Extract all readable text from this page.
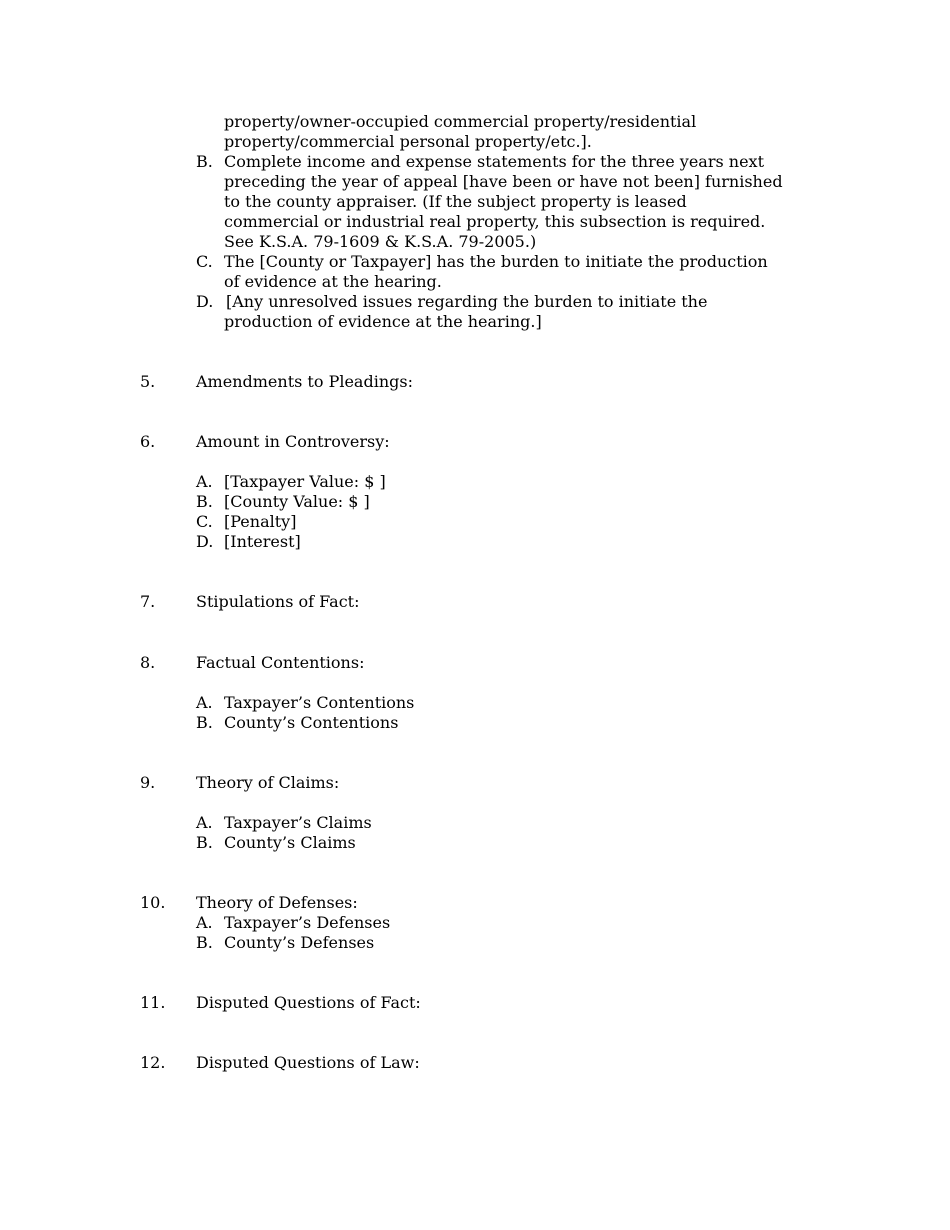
property/owner-occupied commercial property/residential
property/commercial personal property/etc.].
B. Complete income and expense statements for the three years next
preceding the year of appeal [have been or have not been] furnished
to the county appraiser. (If the subject property is leased
commercial or industrial real property, this subsection is required.
See K.S.A. 79-1609 & K.S.A. 79-2005.)
C. The [County or Taxpayer] has the burden to initiate the production
of evidence at the hearing.
D. [Any unresolved issues regarding the burden to initiate the
production of evidence at the hearing.]
5.	Amendments to Pleadings:
6.	Amount in Controversy:
A. [Taxpayer Value: $ ]
B. [County Value: $ ]
C. [Penalty]
D. [Interest]
7.	Stipulations of Fact:
8.	Factual Contentions:
A. Taxpayer’s Contentions
B. County’s Contentions
9.	Theory of Claims:
A. Taxpayer’s Claims
B. County’s Claims
10. Theory of Defenses:
A. Taxpayer’s Defenses
B. County’s Defenses
11. Disputed Questions of Fact:
12. Disputed Questions of Law:
